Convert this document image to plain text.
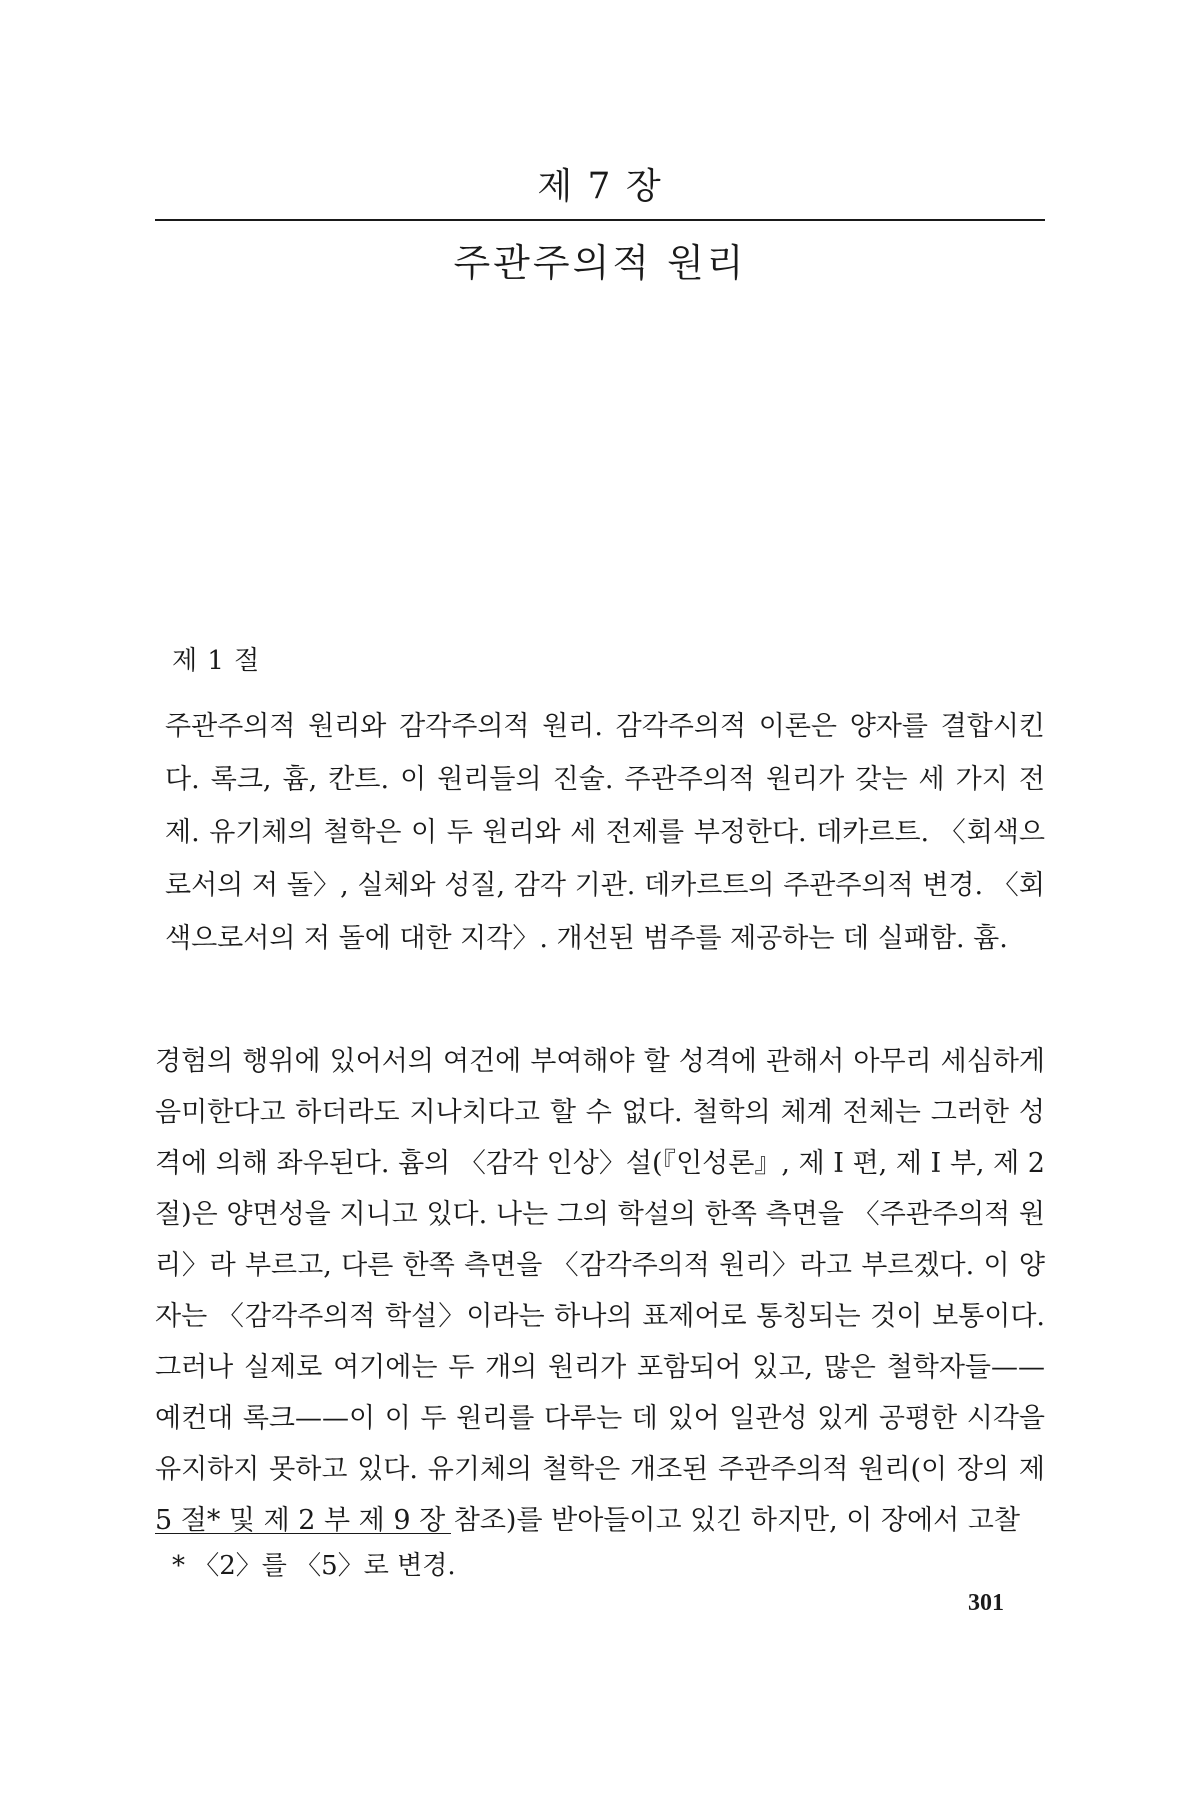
제 7 장
주관주의적 원리
제 1 절

주관주의적 원리와 감각주의적 원리. 감각주의적 이론은 양자를 결합시킨다. 록크, 흄, 칸트. 이 원리들의 진술. 주관주의적 원리가 갖는 세 가지 전제. 유기체의 철학은 이 두 원리와 세 전제를 부정한다. 데카르트. 〈회색으로서의 저 돌〉, 실체와 성질, 감각 기관. 데카르트의 주관주의적 변경. 〈회색으로서의 저 돌에 대한 지각〉. 개선된 범주를 제공하는 데 실패함. 흄.

경험의 행위에 있어서의 여건에 부여해야 할 성격에 관해서 아무리 세심하게 음미한다고 하더라도 지나치다고 할 수 없다. 철학의 체계 전체는 그러한 성격에 의해 좌우된다. 흄의 〈감각 인상〉설(『인성론』, 제 I 편, 제 I 부, 제 2 절)은 양면성을 지니고 있다. 나는 그의 학설의 한쪽 측면을 〈주관주의적 원리〉라 부르고, 다른 한쪽 측면을 〈감각주의적 원리〉라고 부르겠다. 이 양자는 〈감각주의적 학설〉이라는 하나의 표제어로 통칭되는 것이 보통이다. 그러나 실제로 여기에는 두 개의 원리가 포함되어 있고, 많은 철학자들——예컨대 록크——이 이 두 원리를 다루는 데 있어 일관성 있게 공평한 시각을 유지하지 못하고 있다. 유기체의 철학은 개조된 주관주의적 원리(이 장의 제 5 절* 및 제 2 부 제 9 장 참조)를 받아들이고 있긴 하지만, 이 장에서 고찰

* 〈2〉를 〈5〉로 변경.
301
